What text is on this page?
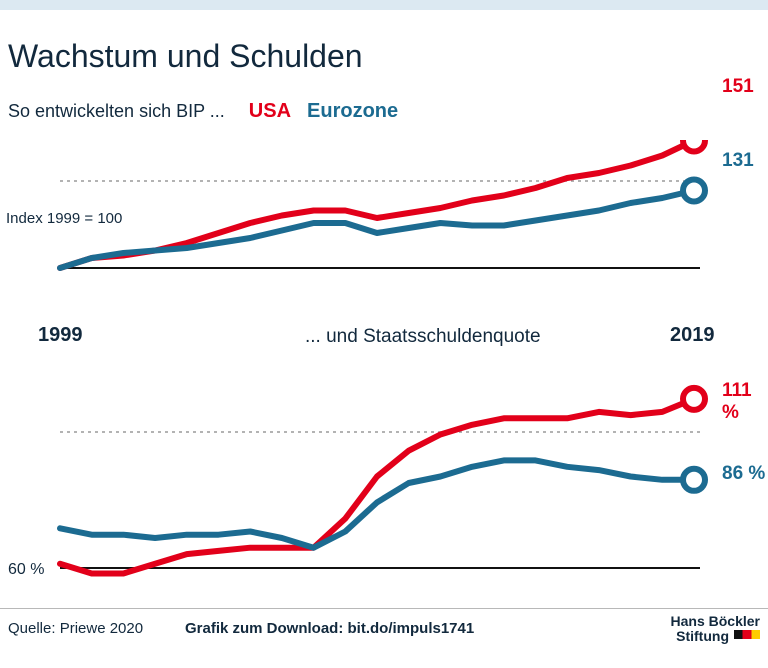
Wachstum und Schulden
So entwickelten sich BIP ... USA Eurozone
Index 1999 = 100
151
131
1999	2019
... und Staatsschuldenquote
111 %
86 %
60 %
Quelle: Priewe 2020	Grafik zum Download: bit.do/impuls1741	Hans Böckler
Stiftung
